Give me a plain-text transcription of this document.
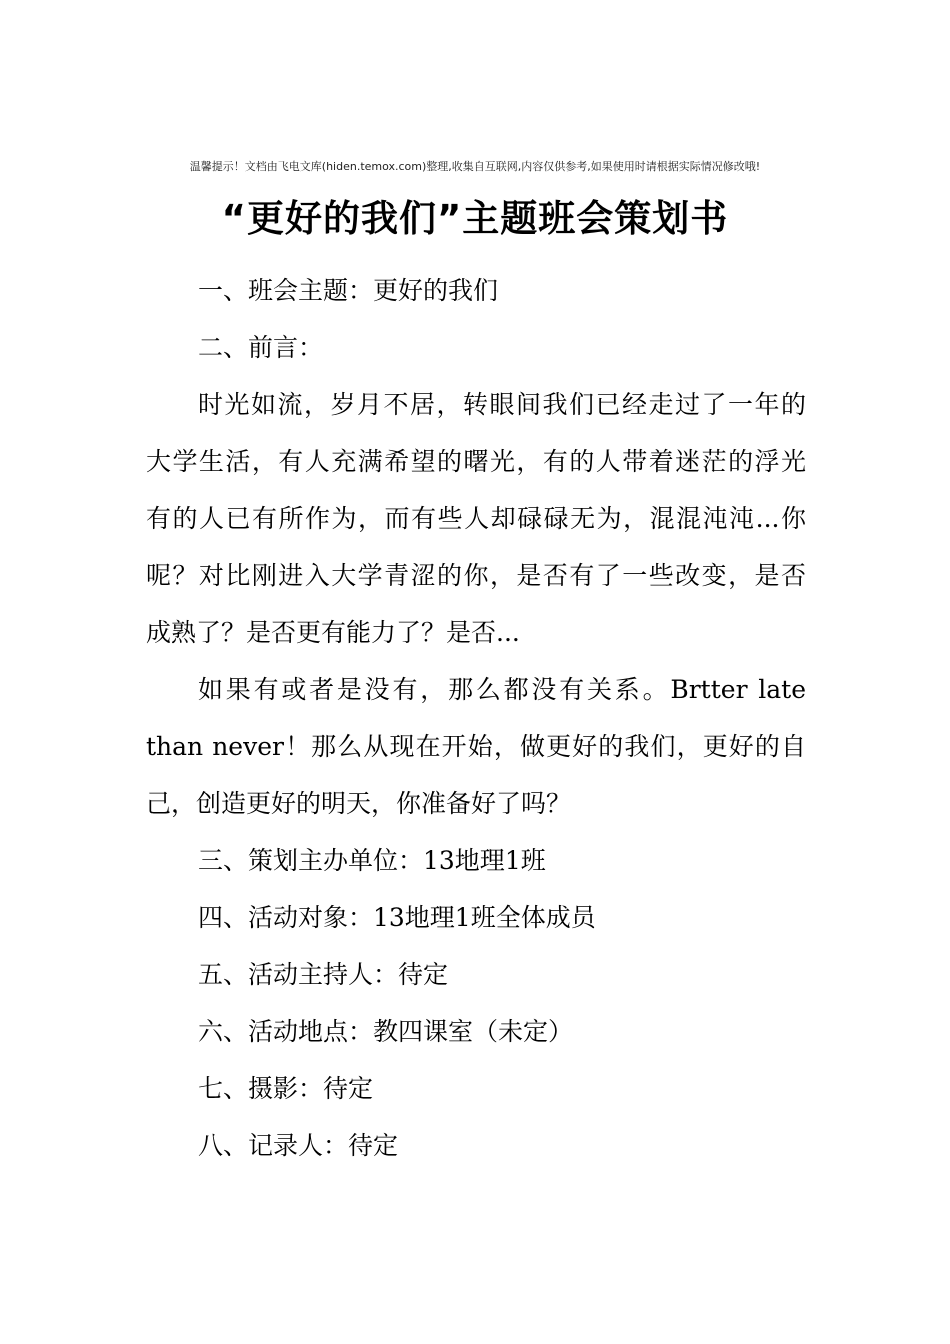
温馨提示！文档由飞电文库(hiden.temox.com)整理,收集自互联网,内容仅供参考,如果使用时请根据实际情况修改哦!
“更好的我们”主题班会策划书
一、班会主题：更好的我们
二、前言：
时光如流，岁月不居，转眼间我们已经走过了一年的
大学生活，有人充满希望的曙光，有的人带着迷茫的浮光
有的人已有所作为，而有些人却碌碌无为，混混沌沌...你
呢？对比刚进入大学青涩的你，是否有了一些改变，是否
成熟了？是否更有能力了？是否...
如果有或者是没有，那么都没有关系。Brtter late
than never！那么从现在开始，做更好的我们，更好的自
己，创造更好的明天，你准备好了吗？
三、策划主办单位：13地理1班
四、活动对象：13地理1班全体成员
五、活动主持人：待定
六、活动地点：教四课室（未定）
七、摄影：待定
八、记录人：待定
